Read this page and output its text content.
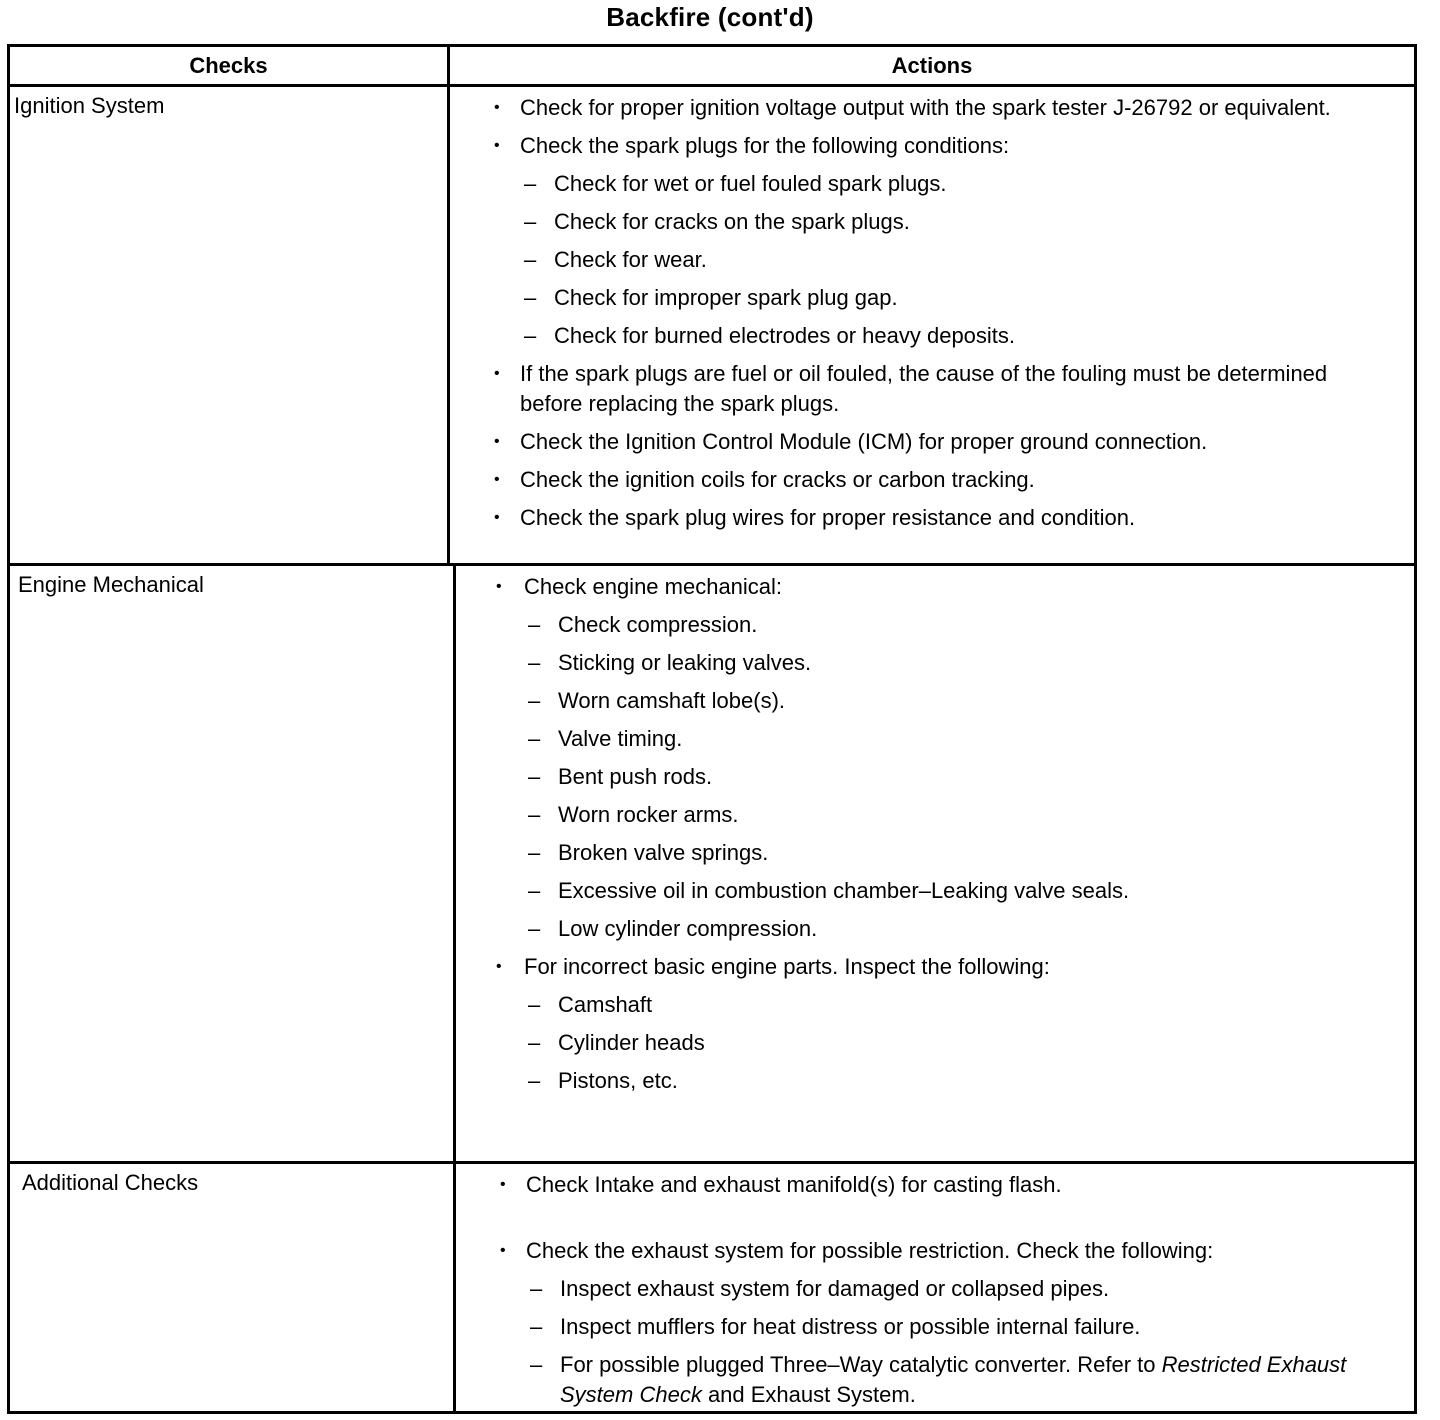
Backfire (cont'd)
Checks	Actions
Ignition System	• Check for proper ignition voltage output with the spark tester J-26792 or equivalent.
• Check the spark plugs for the following conditions:
– Check for wet or fuel fouled spark plugs.
– Check for cracks on the spark plugs.
– Check for wear.
– Check for improper spark plug gap.
– Check for burned electrodes or heavy deposits.
• If the spark plugs are fuel or oil fouled, the cause of the fouling must be determined before replacing the spark plugs.
• Check the Ignition Control Module (ICM) for proper ground connection.
• Check the ignition coils for cracks or carbon tracking.
• Check the spark plug wires for proper resistance and condition.
Engine Mechanical	• Check engine mechanical:
– Check compression.
– Sticking or leaking valves.
– Worn camshaft lobe(s).
– Valve timing.
– Bent push rods.
– Worn rocker arms.
– Broken valve springs.
– Excessive oil in combustion chamber–Leaking valve seals.
– Low cylinder compression.
• For incorrect basic engine parts. Inspect the following:
– Camshaft
– Cylinder heads
– Pistons, etc.
Additional Checks	• Check Intake and exhaust manifold(s) for casting flash.
• Check the exhaust system for possible restriction. Check the following:
– Inspect exhaust system for damaged or collapsed pipes.
– Inspect mufflers for heat distress or possible internal failure.
– For possible plugged Three–Way catalytic converter. Refer to Restricted Exhaust System Check and Exhaust System.
